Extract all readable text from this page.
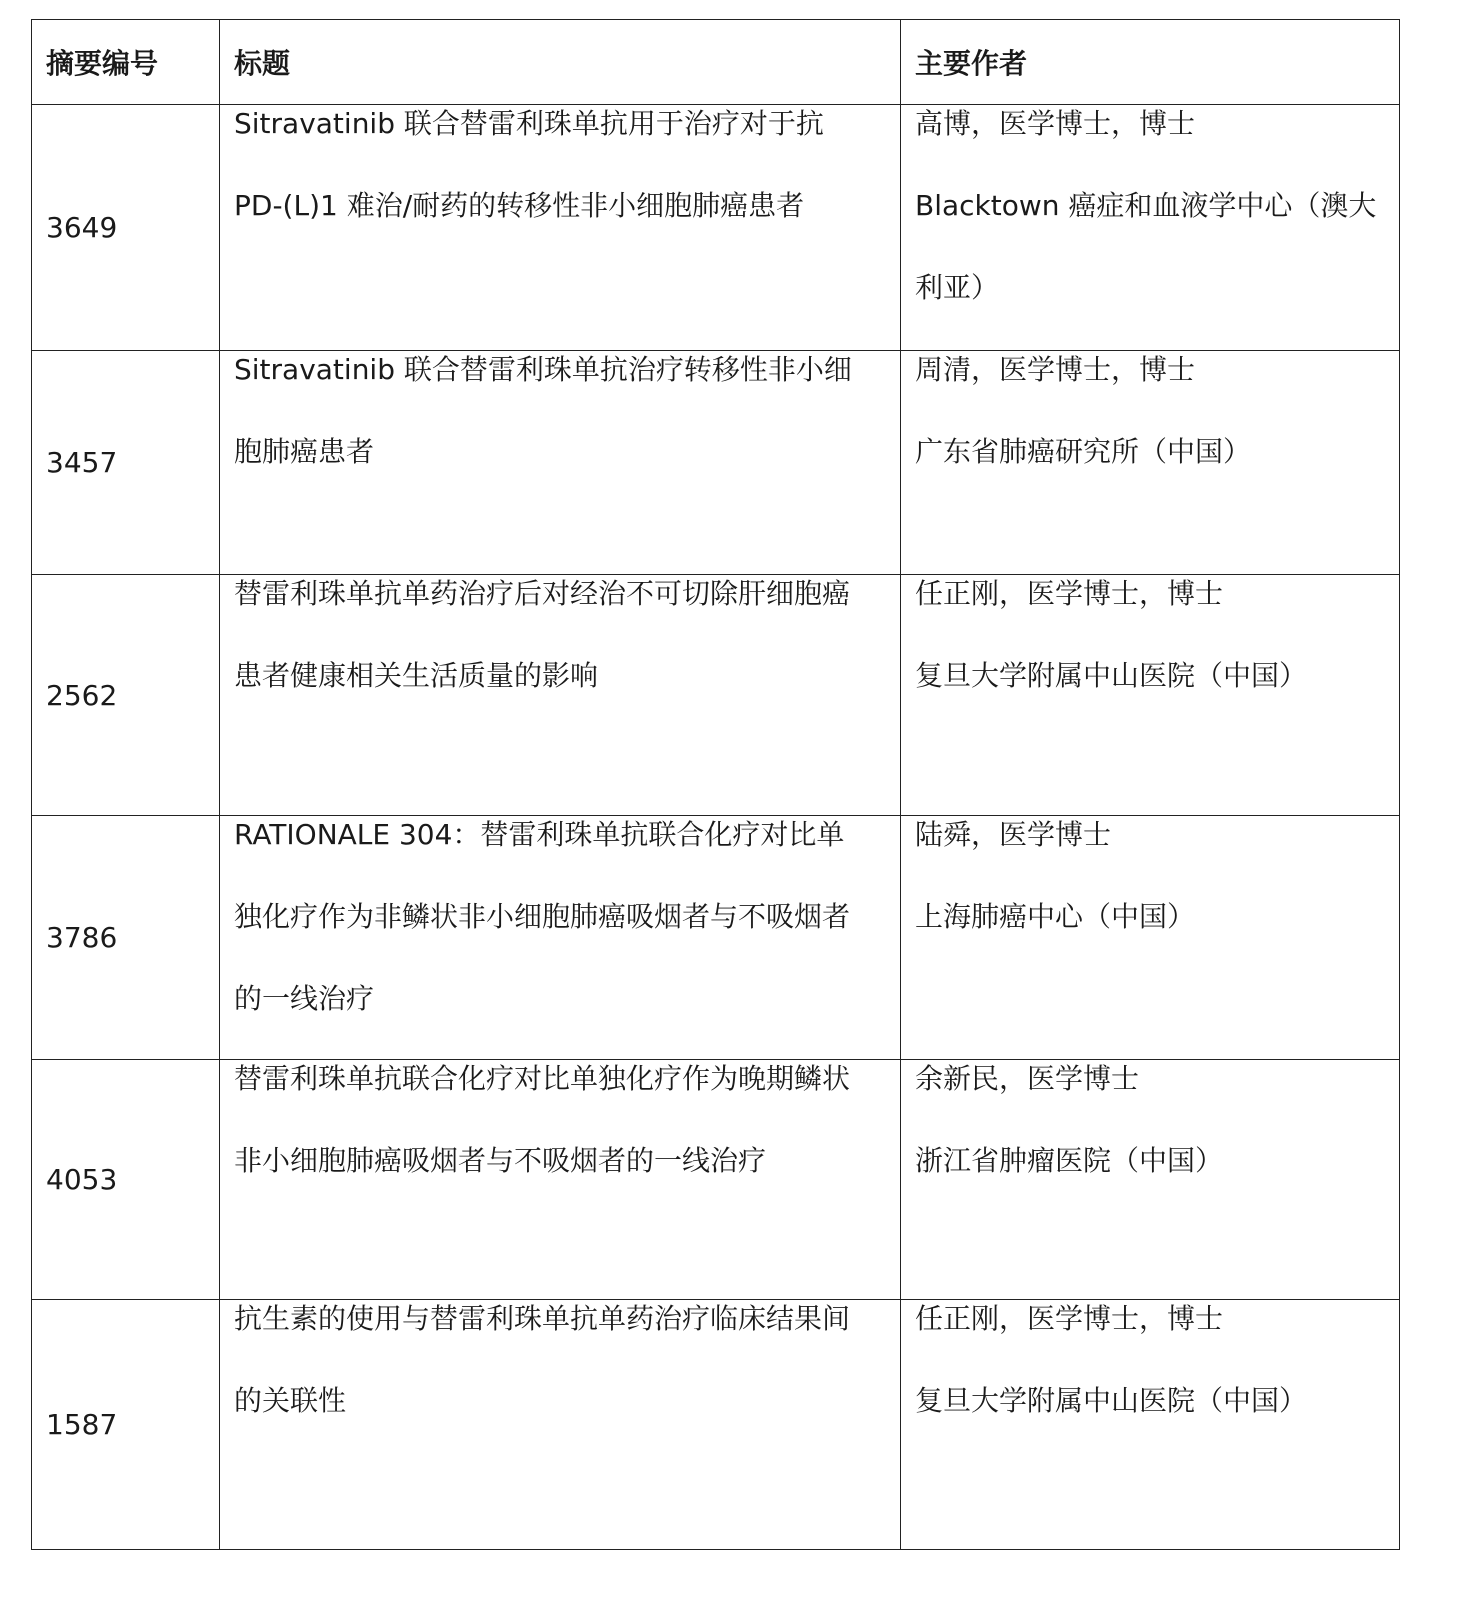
摘要编号	标题	主要作者
3649	Sitravatinib 联合替雷利珠单抗用于治疗对于抗
PD-(L)1 难治/耐药的转移性非小细胞肺癌患者	高博，医学博士，博士
Blacktown 癌症和血液学中心（澳大
利亚）

3457	Sitravatinib 联合替雷利珠单抗治疗转移性非小细
胞肺癌患者	周清，医学博士，博士
广东省肺癌研究所（中国）

2562	替雷利珠单抗单药治疗后对经治不可切除肝细胞癌
患者健康相关生活质量的影响	任正刚，医学博士，博士
复旦大学附属中山医院（中国）

3786	RATIONALE 304：替雷利珠单抗联合化疗对比单
独化疗作为非鳞状非小细胞肺癌吸烟者与不吸烟者
的一线治疗	陆舜，医学博士
上海肺癌中心（中国）

4053	替雷利珠单抗联合化疗对比单独化疗作为晚期鳞状
非小细胞肺癌吸烟者与不吸烟者的一线治疗	余新民，医学博士
浙江省肿瘤医院（中国）

1587	抗生素的使用与替雷利珠单抗单药治疗临床结果间
的关联性	任正刚，医学博士，博士
复旦大学附属中山医院（中国）
